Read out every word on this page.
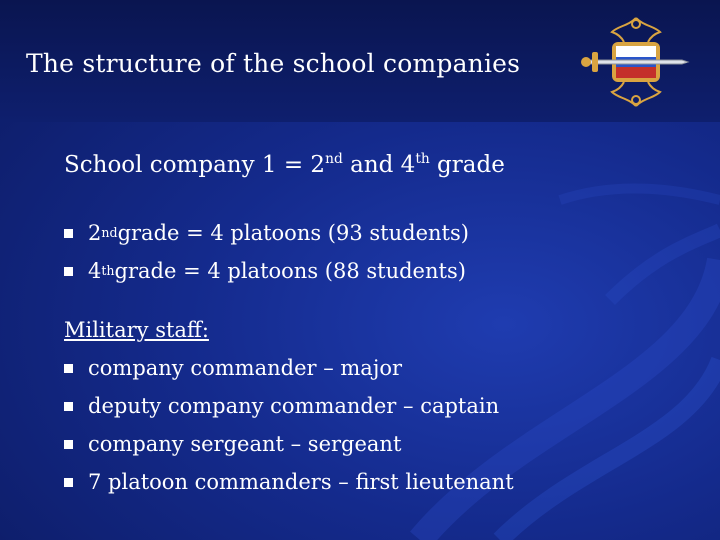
The structure of the school companies
School company 1 = 2nd and 4th grade
2 nd grade = 4 platoons (93 students)
4 th grade = 4 platoons (88 students)
Military staff:
company commander – major
deputy company commander – captain
company sergeant – sergeant
7 platoon commanders – first lieutenant
